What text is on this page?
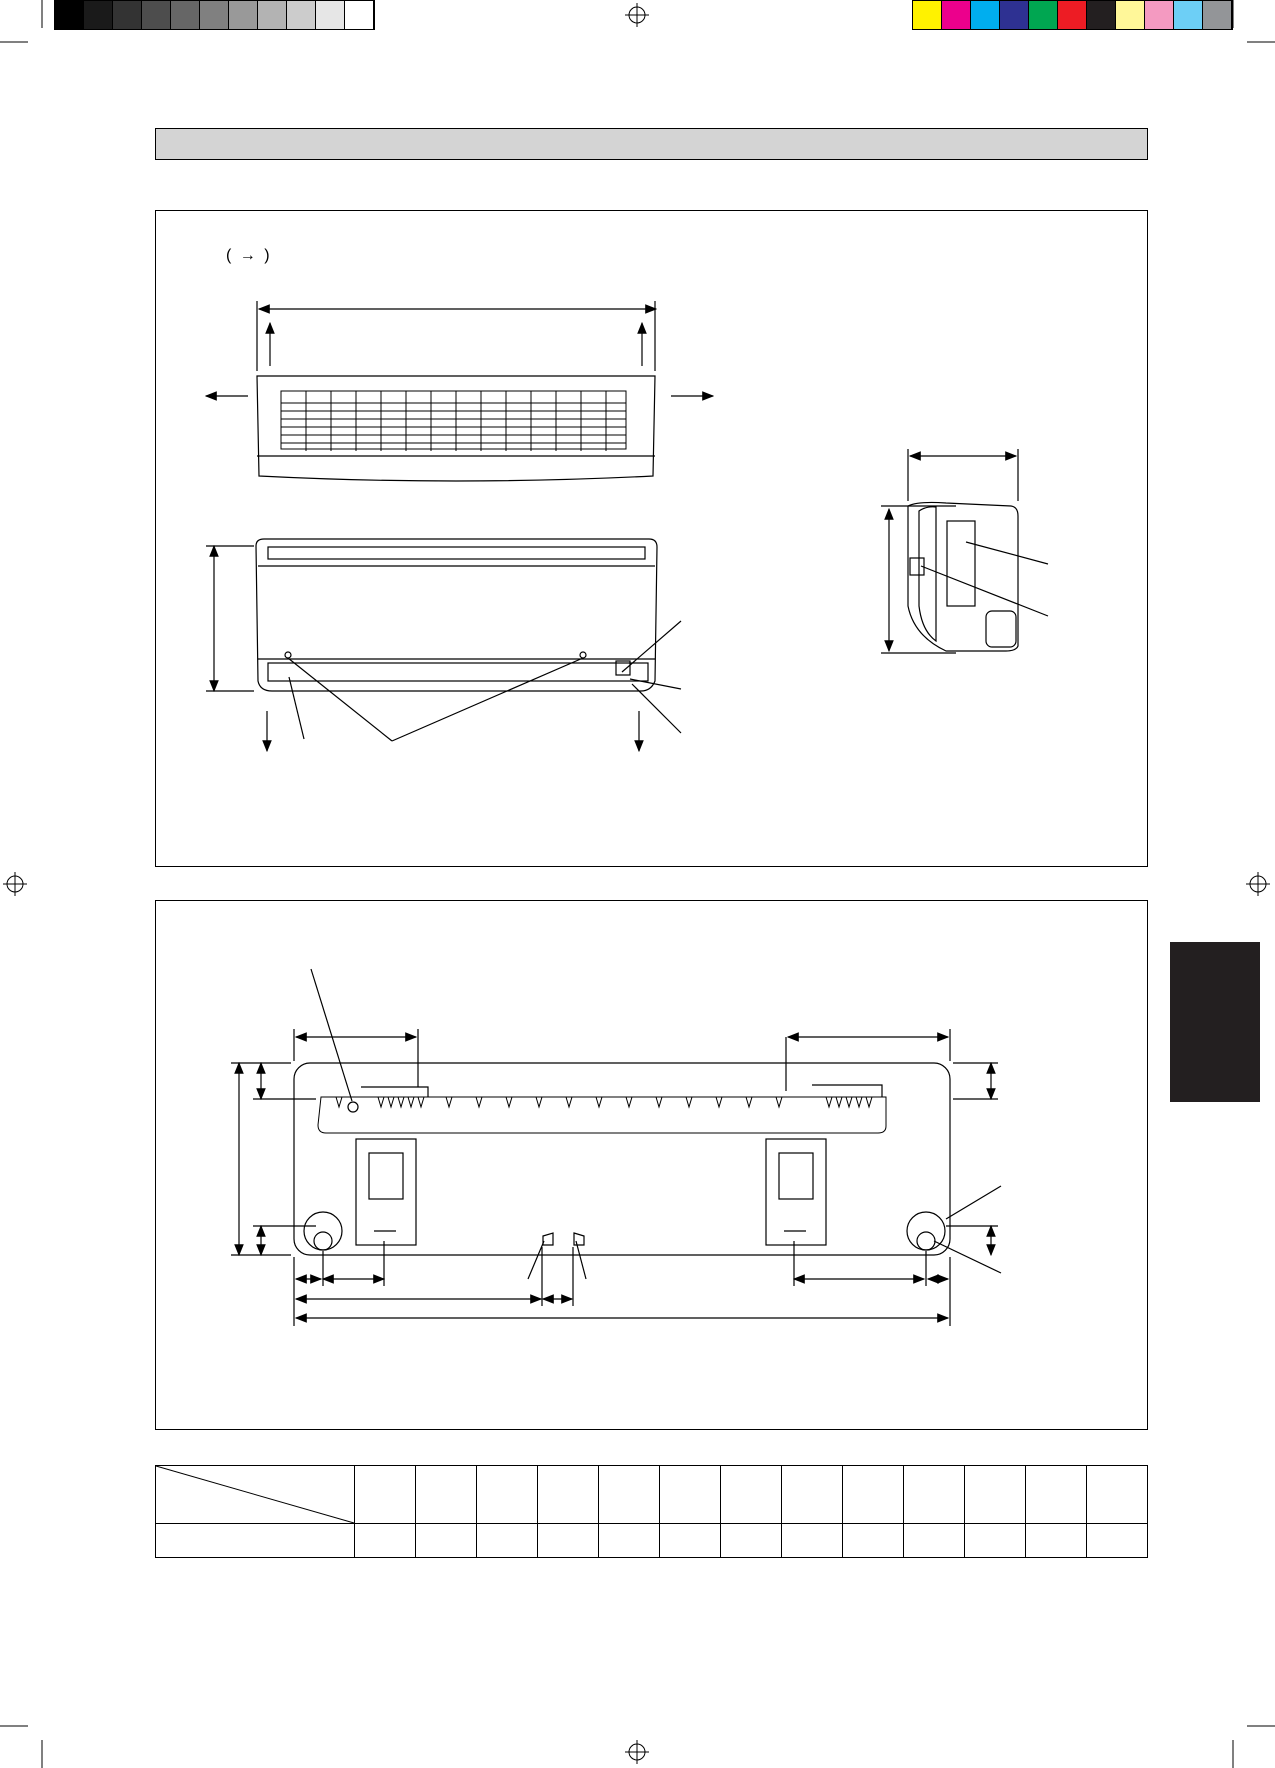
( → )
